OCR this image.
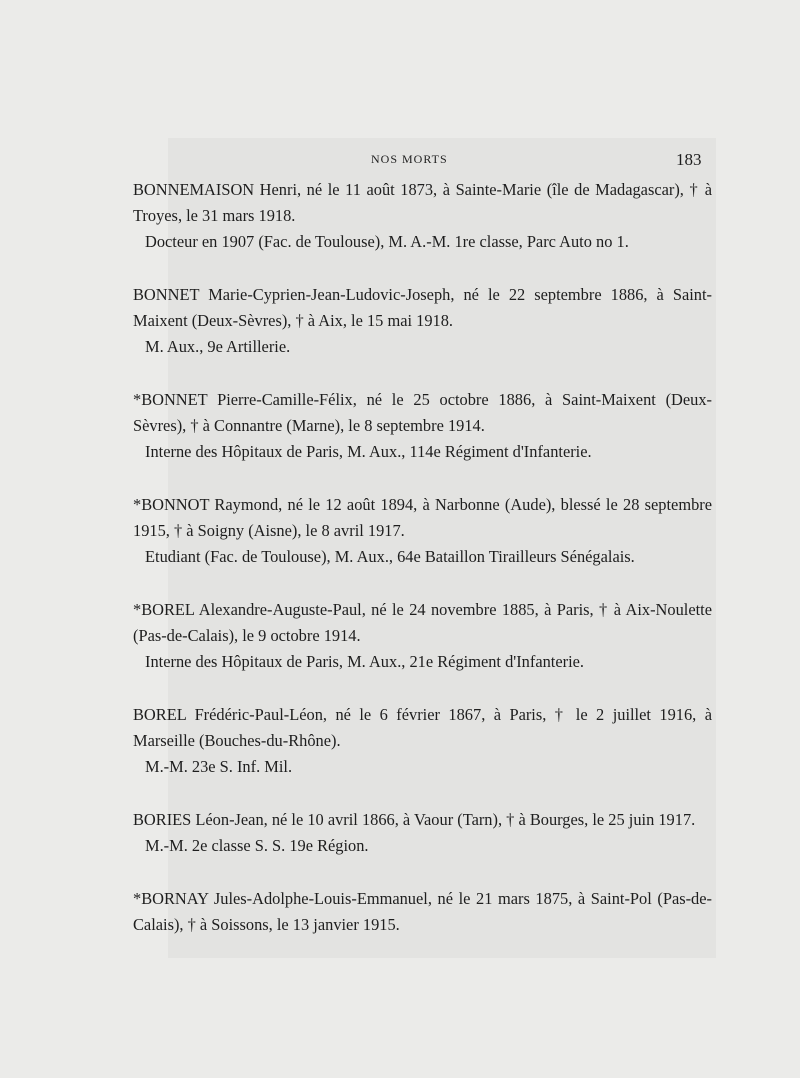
NOS MORTS	183

BONNEMAISON Henri, né le 11 août 1873, à Sainte-Marie (île de Madagascar), † à Troyes, le 31 mars 1918.

Docteur en 1907 (Fac. de Toulouse), M. A.-M. 1re classe, Parc Auto no 1.

BONNET Marie-Cyprien-Jean-Ludovic-Joseph, né le 22 septembre 1886, à Saint-Maixent (Deux-Sèvres), † à Aix, le 15 mai 1918.

M. Aux., 9e Artillerie.

*BONNET Pierre-Camille-Félix, né le 25 octobre 1886, à Saint-Maixent (Deux-Sèvres), † à Connantre (Marne), le 8 septembre 1914.

Interne des Hôpitaux de Paris, M. Aux., 114e Régiment d'Infanterie.

*BONNOT Raymond, né le 12 août 1894, à Narbonne (Aude), blessé le 28 septembre 1915, † à Soigny (Aisne), le 8 avril 1917.

Etudiant (Fac. de Toulouse), M. Aux., 64e Bataillon Tirailleurs Sénégalais.

*BOREL Alexandre-Auguste-Paul, né le 24 novembre 1885, à Paris, † à Aix-Noulette (Pas-de-Calais), le 9 octobre 1914.

Interne des Hôpitaux de Paris, M. Aux., 21e Régiment d'Infanterie.

BOREL Frédéric-Paul-Léon, né le 6 février 1867, à Paris, † le 2 juillet 1916, à Marseille (Bouches-du-Rhône).

M.-M. 23e S. Inf. Mil.

BORIES Léon-Jean, né le 10 avril 1866, à Vaour (Tarn), † à Bourges, le 25 juin 1917.

M.-M. 2e classe S. S. 19e Région.

*BORNAY Jules-Adolphe-Louis-Emmanuel, né le 21 mars 1875, à Saint-Pol (Pas-de-Calais), † à Soissons, le 13 janvier 1915.
